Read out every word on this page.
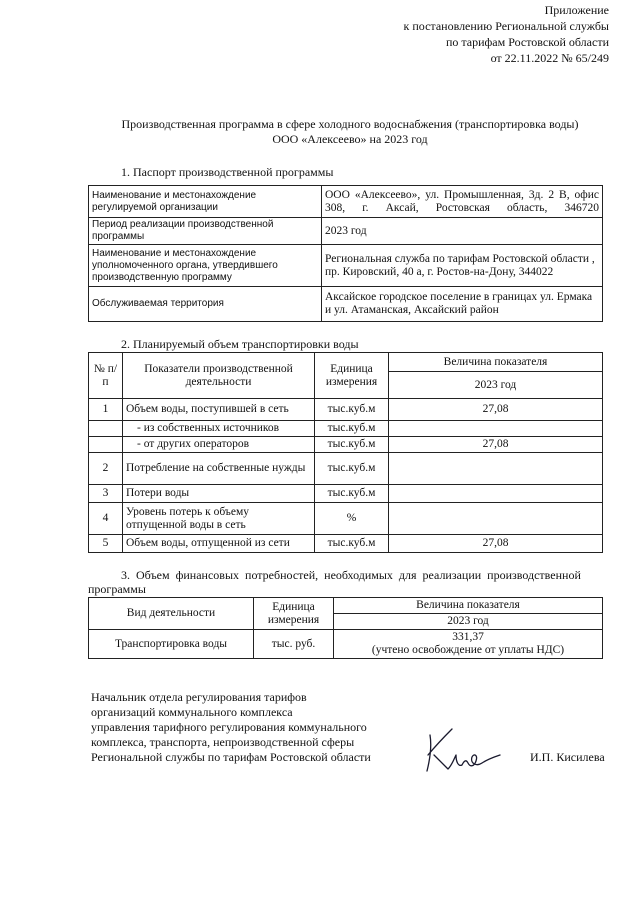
Приложение
к постановлению Региональной службы
по тарифам Ростовской области
от 22.11.2022 № 65/249
Производственная программа в сфере холодного водоснабжения (транспортировка воды)
ООО «Алексеево» на 2023 год
1. Паспорт производственной программы
Наименование и местонахождение регулируемой организации	ООО «Алексеево», ул. Промышленная, 3д. 2 В, офис 308, г. Аксай, Ростовская область, 346720
Период реализации производственной программы	2023 год
Наименование и местонахождение уполномоченного органа, утвердившего производственную программу	Региональная служба по тарифам Ростовской области , пр. Кировский, 40 а, г. Ростов-на-Дону, 344022
Обслуживаемая территория	Аксайское городское поселение в границах ул. Ермака и ул. Атаманская, Аксайский район
2. Планируемый объем транспортировки воды
№ п/п	Показатели производственной деятельности	Единица измерения	Величина показателя
			2023 год
1	Объем воды, поступившей в сеть	тыс.куб.м	27,08
	- из собственных источников	тыс.куб.м	
	- от других операторов	тыс.куб.м	27,08
2	Потребление на собственные нужды	тыс.куб.м	
3	Потери воды	тыс.куб.м	
4	Уровень потерь к объему отпущенной воды в сеть	%	
5	Объем воды, отпущенной из сети	тыс.куб.м	27,08
3.  Объем  финансовых  потребностей,  необходимых  для  реализации  производственной
программы
Вид деятельности	Единица измерения	Величина показателя
		2023 год
Транспортировка воды	тыс. руб.	331,37
(учтено освобождение от уплаты НДС)
Начальник отдела регулирования тарифов
организаций коммунального комплекса
управления тарифного регулирования коммунального
комплекса, транспорта, непроизводственной сферы
Региональной службы по тарифам Ростовской области	И.П. Кисилева
